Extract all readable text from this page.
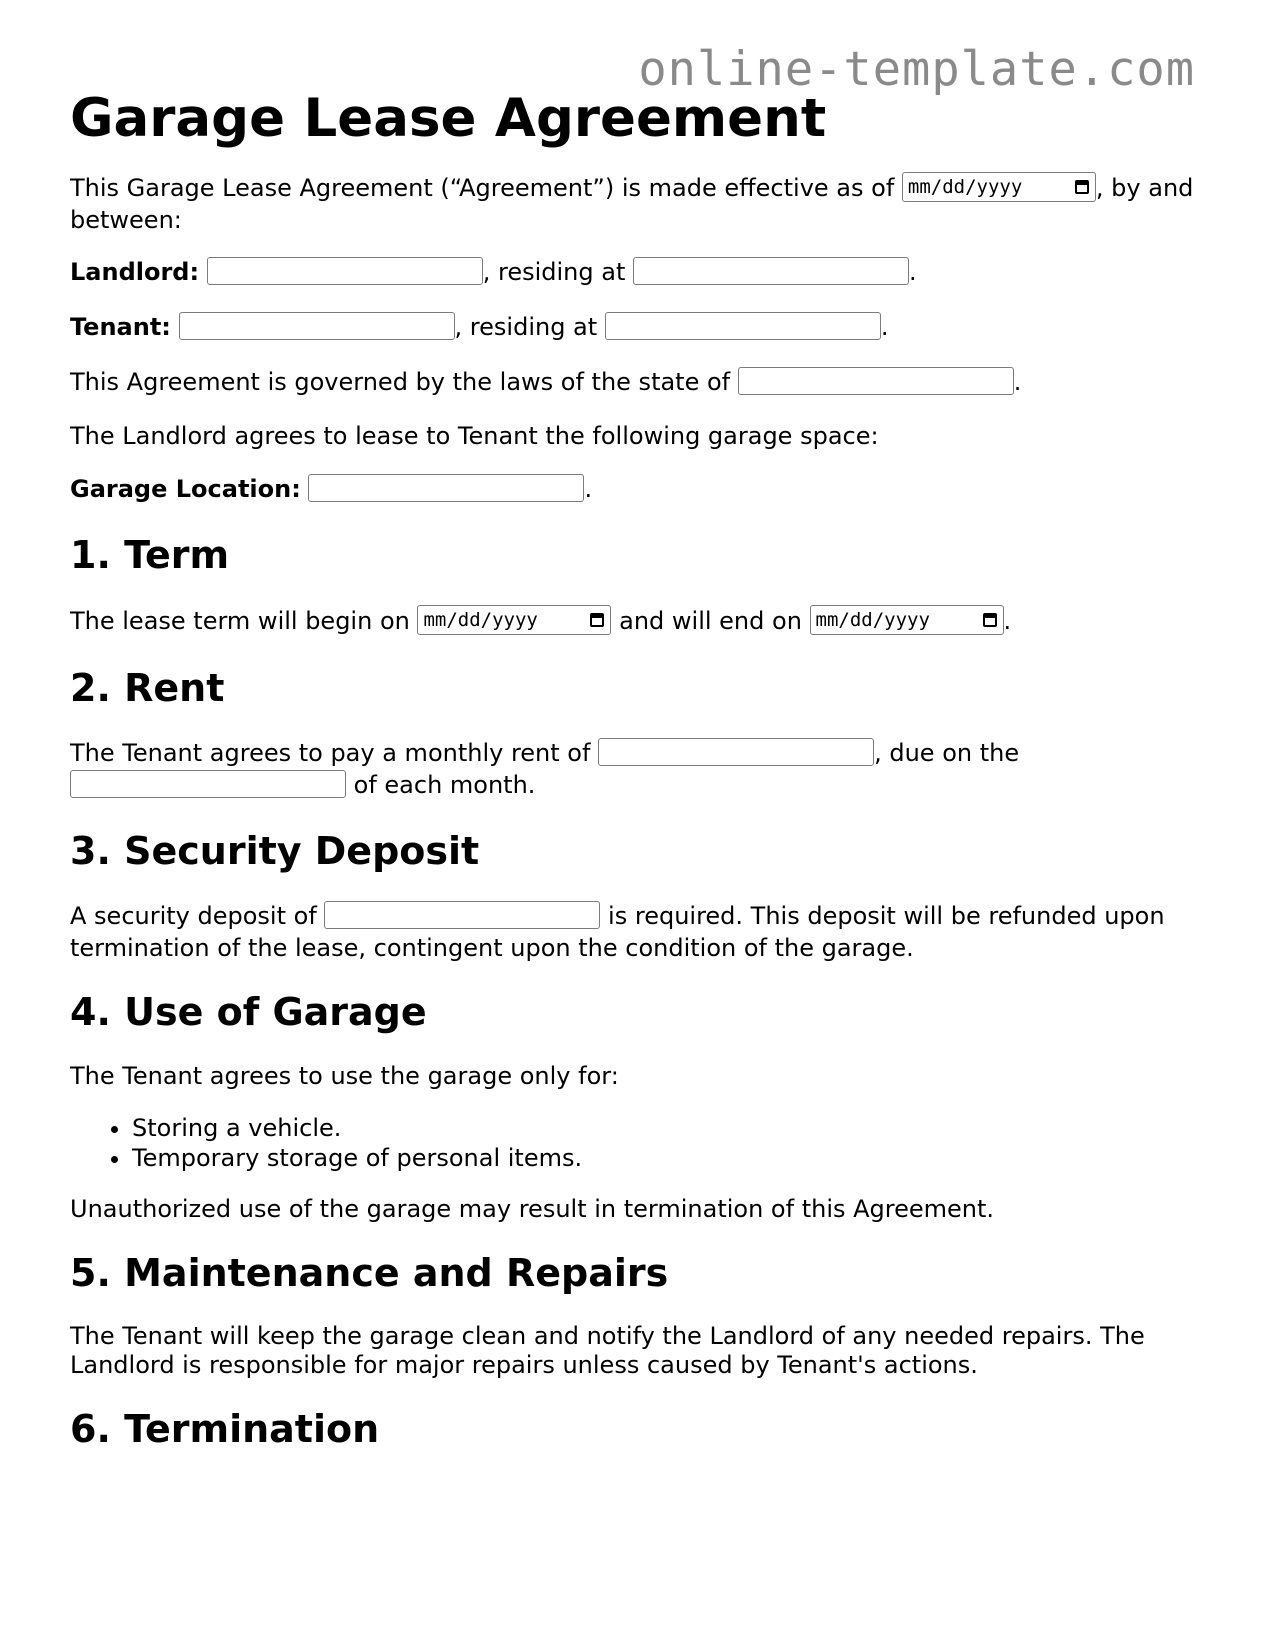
online-template.com
Garage Lease Agreement
This Garage Lease Agreement (“Agreement”) is made effective as of mm/dd/yyyy	, by and between:
Landlord:	, residing at	.
Tenant:	, residing at	.
This Agreement is governed by the laws of the state of	.
The Landlord agrees to lease to Tenant the following garage space:
Garage Location:	.
1. Term
The lease term will begin on mm/dd/yyyy	and will end on mm/dd/yyyy	.
2. Rent
The Tenant agrees to pay a monthly rent of	, due on the  of each month.
3. Security Deposit
A security deposit of	is required. This deposit will be refunded upon termination of the lease, contingent upon the condition of the garage.
4. Use of Garage
The Tenant agrees to use the garage only for:
• Storing a vehicle.
• Temporary storage of personal items.
Unauthorized use of the garage may result in termination of this Agreement.
5. Maintenance and Repairs
The Tenant will keep the garage clean and notify the Landlord of any needed repairs. The Landlord is responsible for major repairs unless caused by Tenant's actions.
6. Termination
